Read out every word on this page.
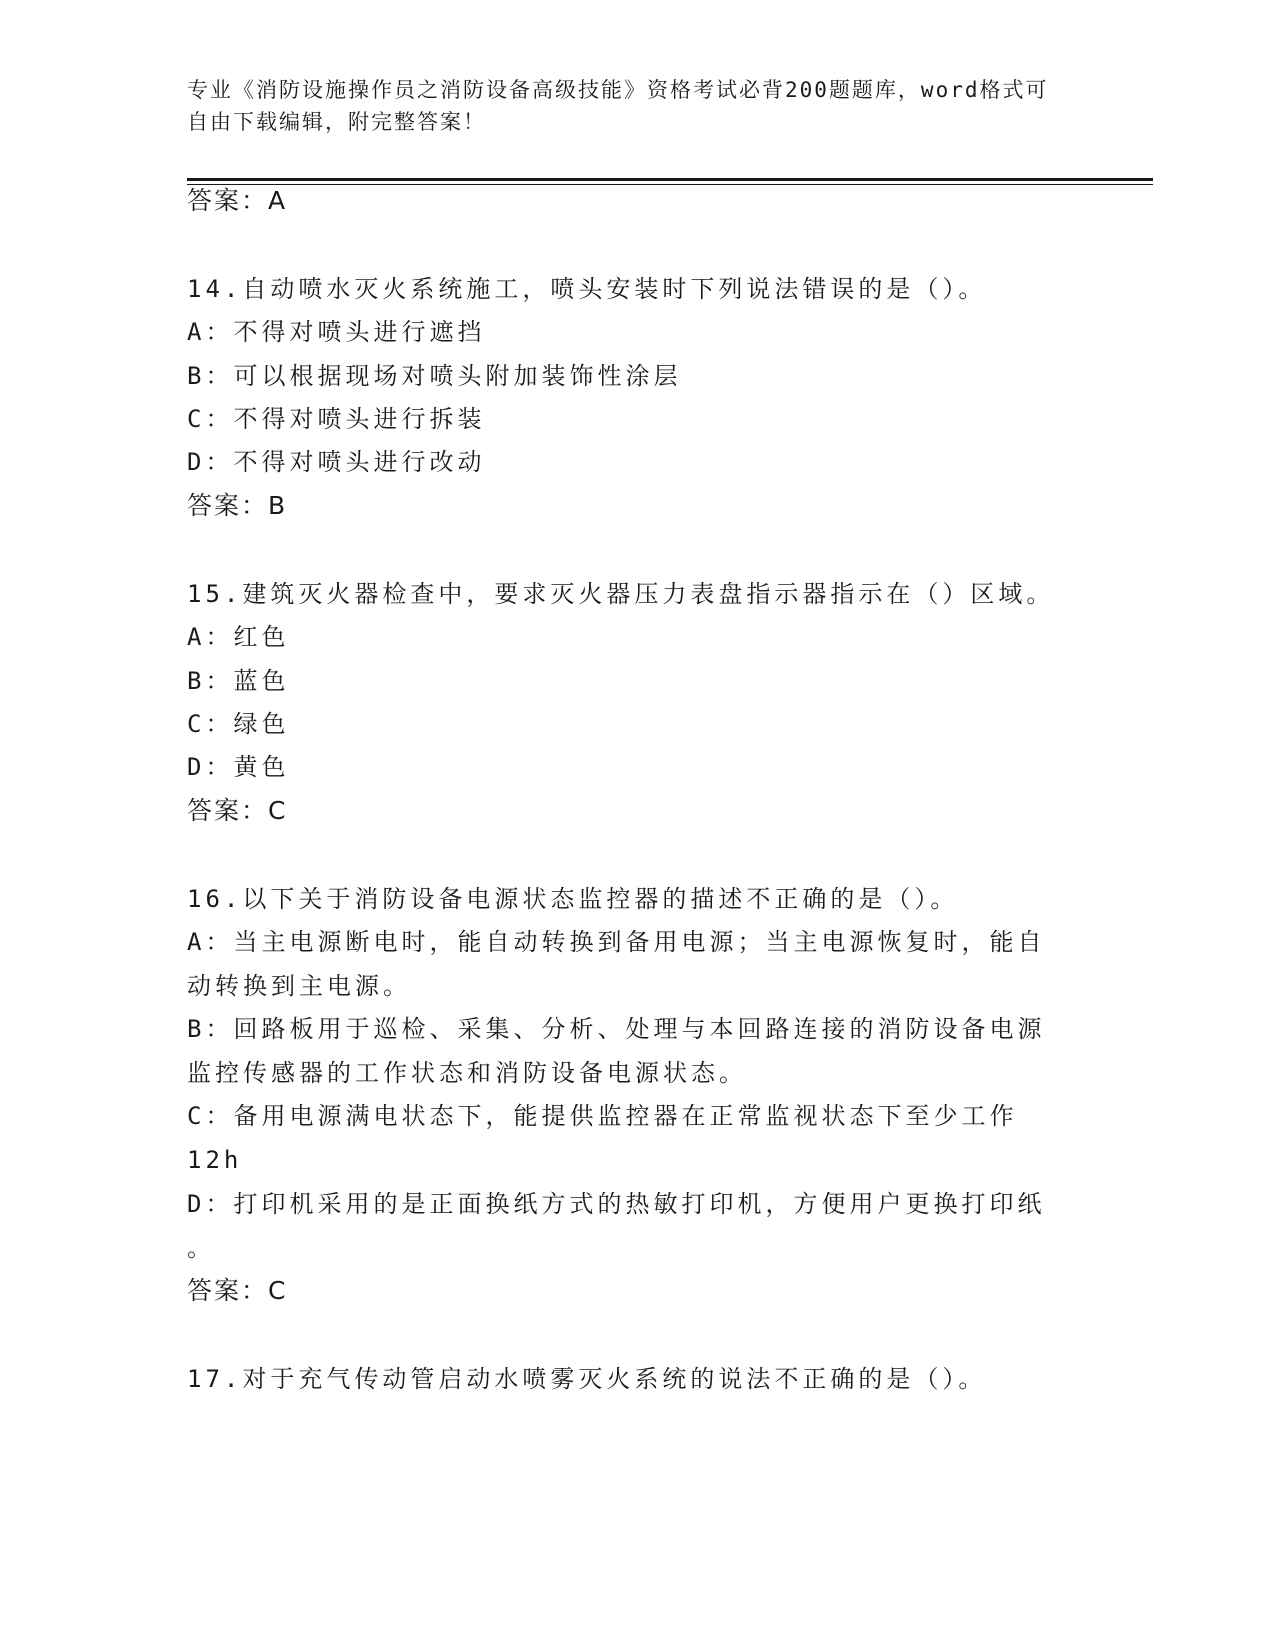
专业《消防设施操作员之消防设备高级技能》资格考试必背200题题库，word格式可自由下载编辑，附完整答案！
答案：A
14.自动喷水灭火系统施工，喷头安装时下列说法错误的是（）。
A：不得对喷头进行遮挡
B：可以根据现场对喷头附加装饰性涂层
C：不得对喷头进行拆装
D：不得对喷头进行改动
答案：B
15.建筑灭火器检查中，要求灭火器压力表盘指示器指示在（）区域。
A：红色
B：蓝色
C：绿色
D：黄色
答案：C
16.以下关于消防设备电源状态监控器的描述不正确的是（）。
A：当主电源断电时，能自动转换到备用电源；当主电源恢复时，能自
动转换到主电源。
B：回路板用于巡检、采集、分析、处理与本回路连接的消防设备电源
监控传感器的工作状态和消防设备电源状态。
C：备用电源满电状态下，能提供监控器在正常监视状态下至少工作
12h
D：打印机采用的是正面换纸方式的热敏打印机，方便用户更换打印纸
。
答案：C
17.对于充气传动管启动水喷雾灭火系统的说法不正确的是（）。
